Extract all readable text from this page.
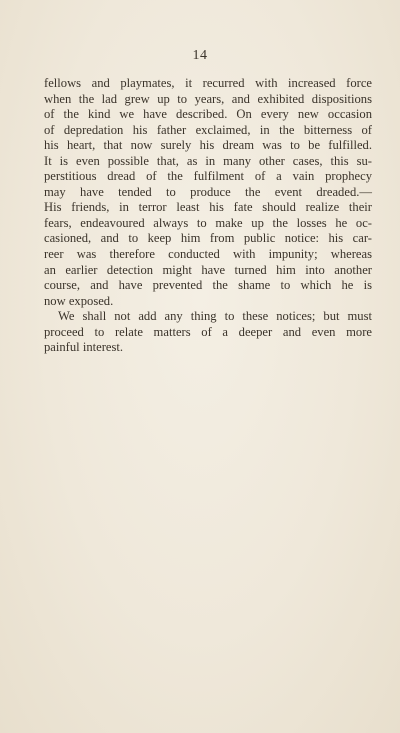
14
fellows and playmates, it recurred with increased force
when the lad grew up to years, and exhibited dispositions
of the kind we have described. On every new occasion
of depredation his father exclaimed, in the bitterness of
his heart, that now surely his dream was to be fulfilled.
It is even possible that, as in many other cases, this su-
perstitious dread of the fulfilment of a vain prophecy
may have tended to produce the event dreaded.—
His friends, in terror least his fate should realize their
fears, endeavoured always to make up the losses he oc-
casioned, and to keep him from public notice: his car-
reer was therefore conducted with impunity; whereas
an earlier detection might have turned him into another
course, and have prevented the shame to which he is
now exposed.
We shall not add any thing to these notices; but must
proceed to relate matters of a deeper and even more
painful interest.
